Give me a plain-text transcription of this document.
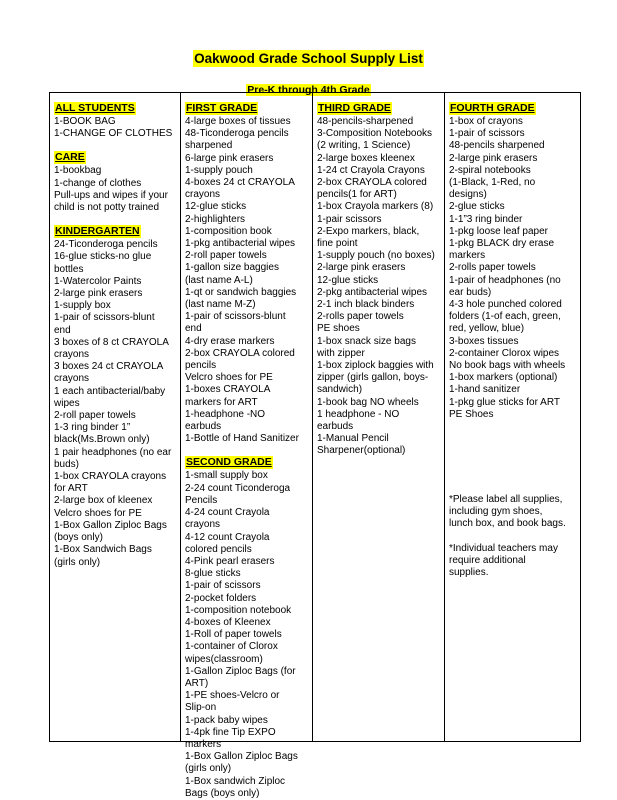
Oakwood Grade School Supply List
Pre-K through 4th Grade
ALL STUDENTS
1-BOOK BAG
1-CHANGE OF CLOTHES
CARE
1-bookbag
1-change of clothes
Pull-ups and wipes if your
child is not potty trained
KINDERGARTEN
24-Ticonderoga pencils
16-glue sticks-no glue
bottles
1-Watercolor Paints
2-large pink erasers
1-supply box
1-pair of scissors-blunt
end
3 boxes of 8 ct CRAYOLA
crayons
3 boxes 24 ct CRAYOLA
crayons
1 each antibacterial/baby
wipes
2-roll paper towels
1-3 ring binder 1”
black(Ms.Brown only)
1 pair headphones (no ear
buds)
1-box CRAYOLA crayons
for ART
2-large box of kleenex
Velcro shoes for PE
1-Box Gallon Ziploc Bags
(boys only)
1-Box Sandwich Bags
(girls only)
FIRST GRADE
4-large boxes of tissues
48-Ticonderoga pencils
sharpened
6-large pink erasers
1-supply pouch
4-boxes 24 ct CRAYOLA
crayons
12-glue sticks
2-highlighters
1-composition book
1-pkg antibacterial wipes
2-roll paper towels
1-gallon size baggies
(last name A-L)
1-qt or sandwich baggies
(last name M-Z)
1-pair of scissors-blunt
end
4-dry erase markers
2-box CRAYOLA colored
pencils
Velcro shoes for PE
1-boxes CRAYOLA
markers for ART
1-headphone -NO
earbuds
1-Bottle of Hand Sanitizer
SECOND GRADE
1-small supply box
2-24 count Ticonderoga
Pencils
4-24 count Crayola
crayons
4-12 count Crayola
colored pencils
4-Pink pearl erasers
8-glue sticks
1-pair of scissors
2-pocket folders
1-composition notebook
4-boxes of Kleenex
1-Roll of paper towels
1-container of Clorox
wipes(classroom)
1-Gallon Ziploc Bags (for
ART)
1-PE shoes-Velcro or
Slip-on
1-pack baby wipes
1-4pk fine Tip EXPO
markers
1-Box Gallon Ziploc Bags
(girls only)
1-Box sandwich Ziploc
Bags (boys only)
THIRD GRADE
48-pencils-sharpened
3-Composition Notebooks
(2 writing, 1 Science)
2-large boxes kleenex
1-24 ct Crayola Crayons
2-box CRAYOLA colored
pencils(1 for ART)
1-box Crayola markers (8)
1-pair scissors
2-Expo markers, black,
fine point
1-supply pouch (no boxes)
2-large pink erasers
12-glue sticks
2-pkg antibacterial wipes
2-1 inch black binders
2-rolls paper towels
PE shoes
1-box snack size bags
with zipper
1-box ziplock baggies with
zipper (girls gallon, boys-
sandwich)
1-book bag NO wheels
1 headphone - NO
earbuds
1-Manual Pencil
Sharpener(optional)
FOURTH GRADE
1-box of crayons
1-pair of scissors
48-pencils sharpened
2-large pink erasers
2-spiral notebooks
(1-Black, 1-Red, no
designs)
2-glue sticks
1-1”3 ring binder
1-pkg loose leaf paper
1-pkg BLACK dry erase
markers
2-rolls paper towels
1-pair of headphones (no
ear buds)
4-3 hole punched colored
folders (1-of each, green,
red, yellow, blue)
3-boxes tissues
2-container Clorox wipes
No book bags with wheels
1-box markers (optional)
1-hand sanitizer
1-pkg glue sticks for ART
PE Shoes
*Please label all supplies,
including gym shoes,
lunch box, and book bags.
*Individual teachers may
require additional
supplies.
